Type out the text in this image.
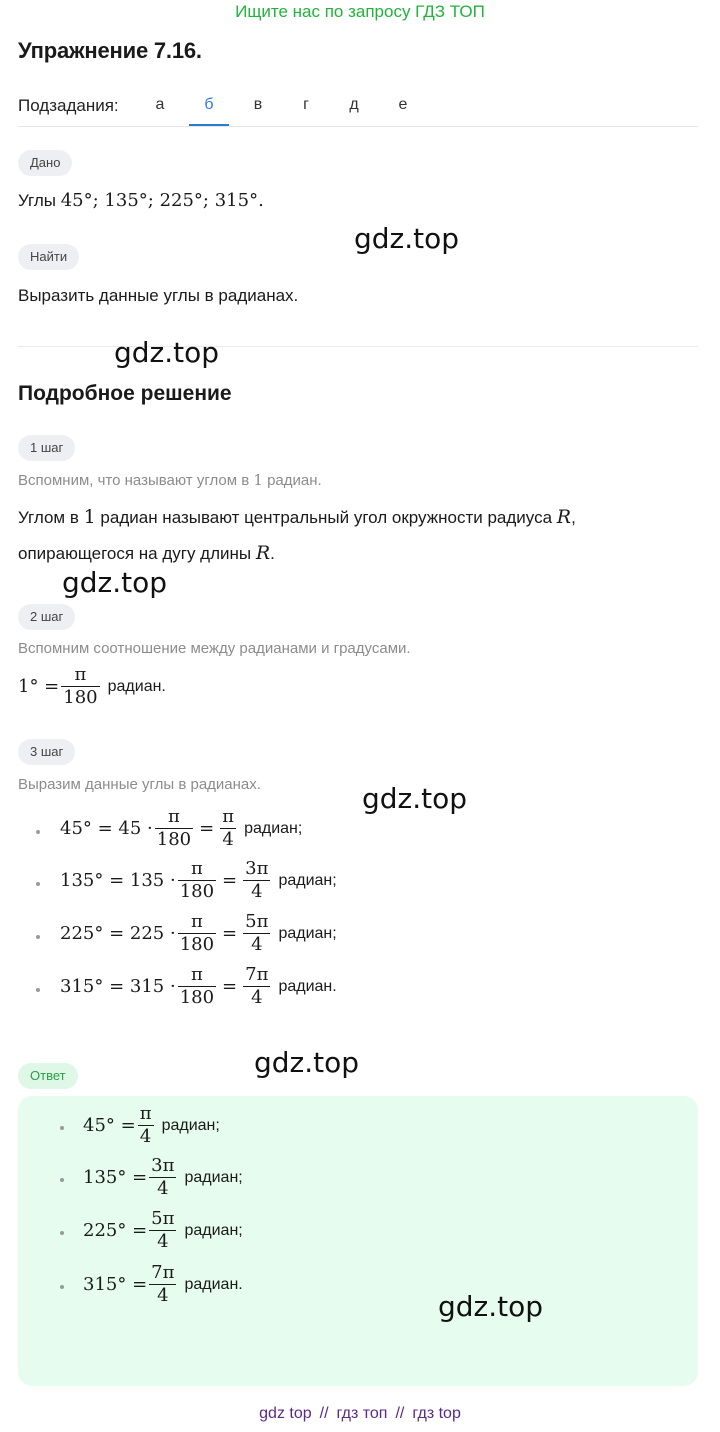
Ищите нас по запросу ГДЗ ТОП
Упражнение 7.16.
Подзадания:	а	б	в	г	д	е
Дано
Углы 45°; 135°; 225°; 315°.
gdz.top
Найти
Выразить данные углы в радианах.
gdz.top
Подробное решение
1 шаг
Вспомним, что называют углом в 1 радиан.
Углом в 1 радиан называют центральный угол окружности радиуса R,
опирающегося на дугу длины R.
gdz.top
2 шаг
Вспомним соотношение между радианами и градусами.
$1^\circ = \frac{\pi}{180}$ радиан.
3 шаг
Выразим данные углы в радианах.	gdz.top
$45^\circ = 45 \cdot \frac{\pi}{180} = \frac{\pi}{4}$ радиан;
$135^\circ = 135 \cdot \frac{\pi}{180} = \frac{3\pi}{4}$ радиан;
$225^\circ = 225 \cdot \frac{\pi}{180} = \frac{5\pi}{4}$ радиан;
$315^\circ = 315 \cdot \frac{\pi}{180} = \frac{7\pi}{4}$ радиан.
gdz.top
Ответ
$45^\circ = \frac{\pi}{4}$ радиан;
$135^\circ = \frac{3\pi}{4}$ радиан;
$225^\circ = \frac{5\pi}{4}$ радиан;
$315^\circ = \frac{7\pi}{4}$ радиан.
gdz.top
gdz top // гдз топ // гдз top
